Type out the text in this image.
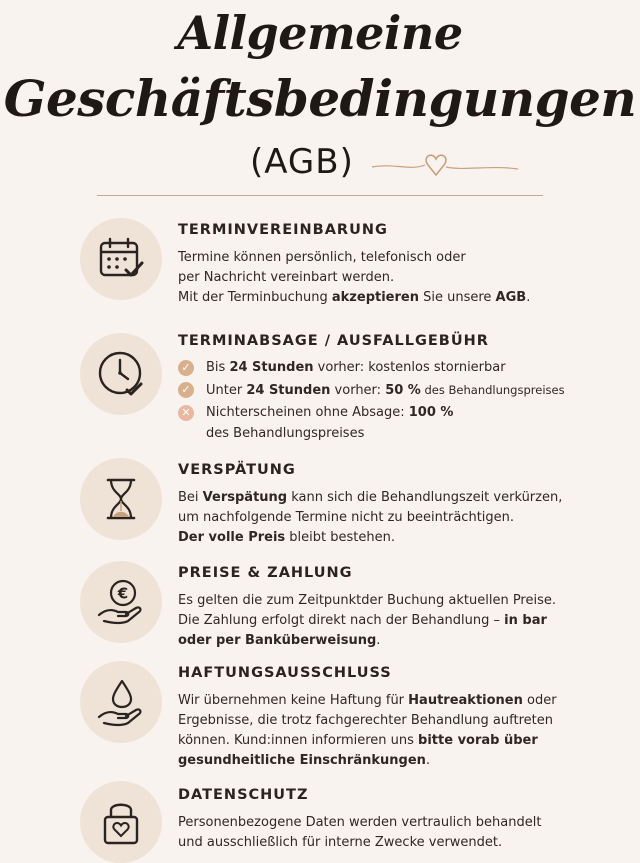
Allgemeine
Geschäftsbedingungen
(AGB)
TERMINVEREINBARUNG
Termine können persönlich, telefonisch oder
per Nachricht vereinbart werden.
Mit der Terminbuchung akzeptieren Sie unsere AGB.
TERMINABSAGE / AUSFALLGEBÜHR
✓ Bis 24 Stunden vorher: kostenlos stornierbar
✓ Unter 24 Stunden vorher: 50 % des Behandlungspreises
✕ Nichterscheinen ohne Absage: 100 %
des Behandlungspreises
VERSPÄTUNG
Bei Verspätung kann sich die Behandlungszeit verkürzen,
um nachfolgende Termine nicht zu beeinträchtigen.
Der volle Preis bleibt bestehen.
€
PREISE & ZAHLUNG
Es gelten die zum Zeitpunktder Buchung aktuellen Preise.
Die Zahlung erfolgt direkt nach der Behandlung – in bar
oder per Banküberweisung.
HAFTUNGSAUSSCHLUSS
Wir übernehmen keine Haftung für Hautreaktionen oder
Ergebnisse, die trotz fachgerechter Behandlung auftreten
können. Kund:innen informieren uns bitte vorab über
gesundheitliche Einschränkungen.
DATENSCHUTZ
Personenbezogene Daten werden vertraulich behandelt
und ausschließlich für interne Zwecke verwendet.
